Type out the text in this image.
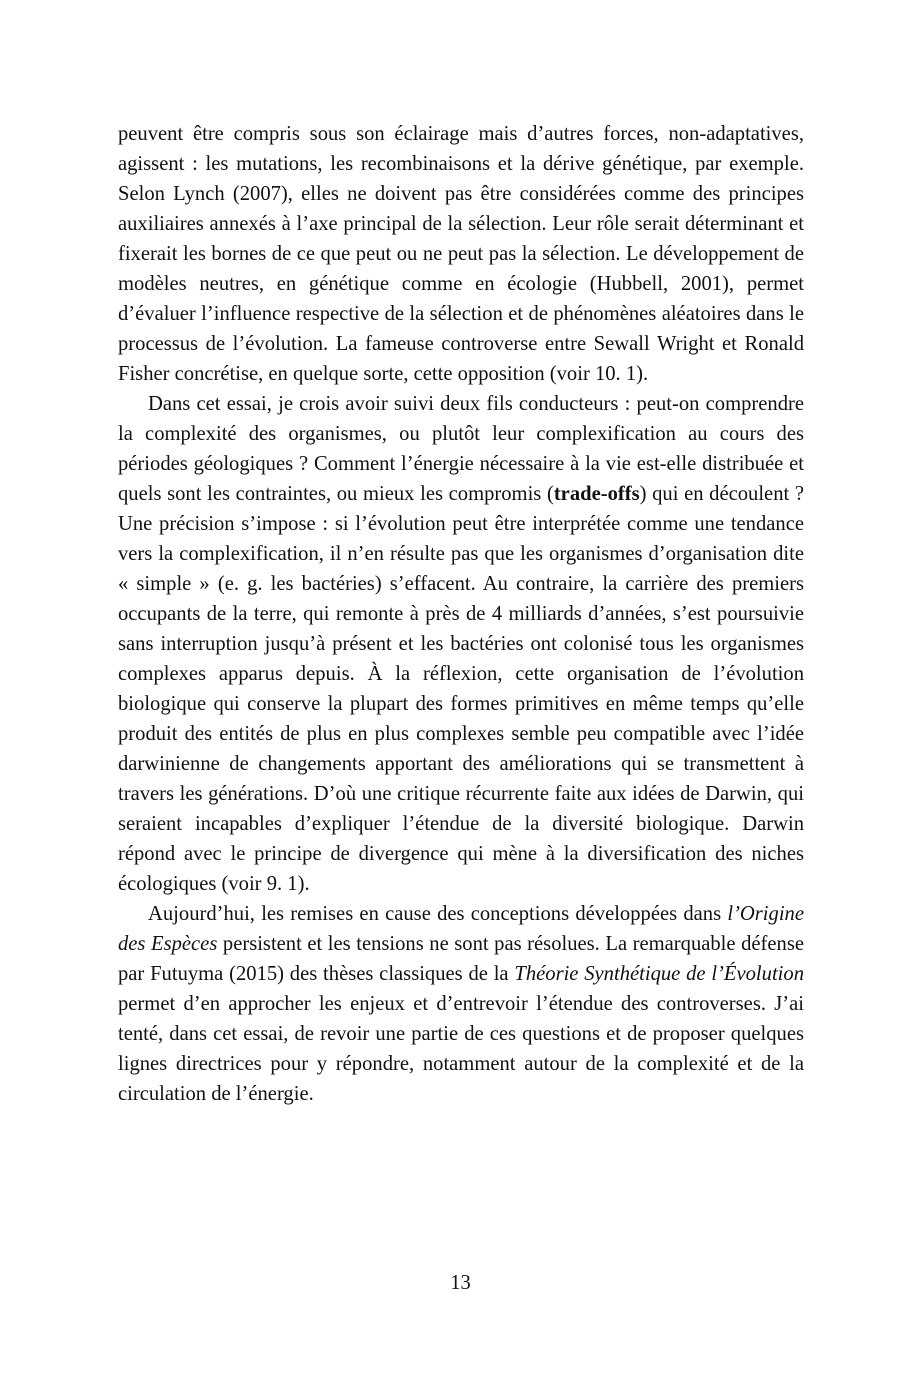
peuvent être compris sous son éclairage mais d’autres forces, non-adaptatives, agissent : les mutations, les recombinaisons et la dérive génétique, par exemple. Selon Lynch (2007), elles ne doivent pas être considérées comme des principes auxiliaires annexés à l’axe principal de la sélection. Leur rôle serait déterminant et fixerait les bornes de ce que peut ou ne peut pas la sélection. Le développement de modèles neutres, en génétique comme en écologie (Hubbell, 2001), permet d’évaluer l’influence respective de la sélection et de phénomènes aléatoires dans le processus de l’évolution. La fameuse controverse entre Sewall Wright et Ronald Fisher concrétise, en quelque sorte, cette opposition (voir 10. 1).

Dans cet essai, je crois avoir suivi deux fils conducteurs : peut-on comprendre la complexité des organismes, ou plutôt leur complexification au cours des périodes géologiques ? Comment l’énergie nécessaire à la vie est-elle distribuée et quels sont les contraintes, ou mieux les compromis (trade-offs) qui en découlent ? Une précision s’impose : si l’évolution peut être interprétée comme une tendance vers la complexification, il n’en résulte pas que les organismes d’organisation dite « simple » (e. g. les bactéries) s’effacent. Au contraire, la carrière des premiers occupants de la terre, qui remonte à près de 4 milliards d’années, s’est poursuivie sans interruption jusqu’à présent et les bactéries ont colonisé tous les organismes complexes apparus depuis. À la réflexion, cette organisation de l’évolution biologique qui conserve la plupart des formes primitives en même temps qu’elle produit des entités de plus en plus complexes semble peu compatible avec l’idée darwinienne de changements apportant des améliorations qui se transmettent à travers les générations. D’où une critique récurrente faite aux idées de Darwin, qui seraient incapables d’expliquer l’étendue de la diversité biologique. Darwin répond avec le principe de divergence qui mène à la diversification des niches écologiques (voir 9. 1).

Aujourd’hui, les remises en cause des conceptions développées dans l’Origine des Espèces persistent et les tensions ne sont pas résolues. La remarquable défense par Futuyma (2015) des thèses classiques de la Théorie Synthétique de l’Évolution permet d’en approcher les enjeux et d’entrevoir l’étendue des controverses. J’ai tenté, dans cet essai, de revoir une partie de ces questions et de proposer quelques lignes directrices pour y répondre, notamment autour de la complexité et de la circulation de l’énergie.

13
